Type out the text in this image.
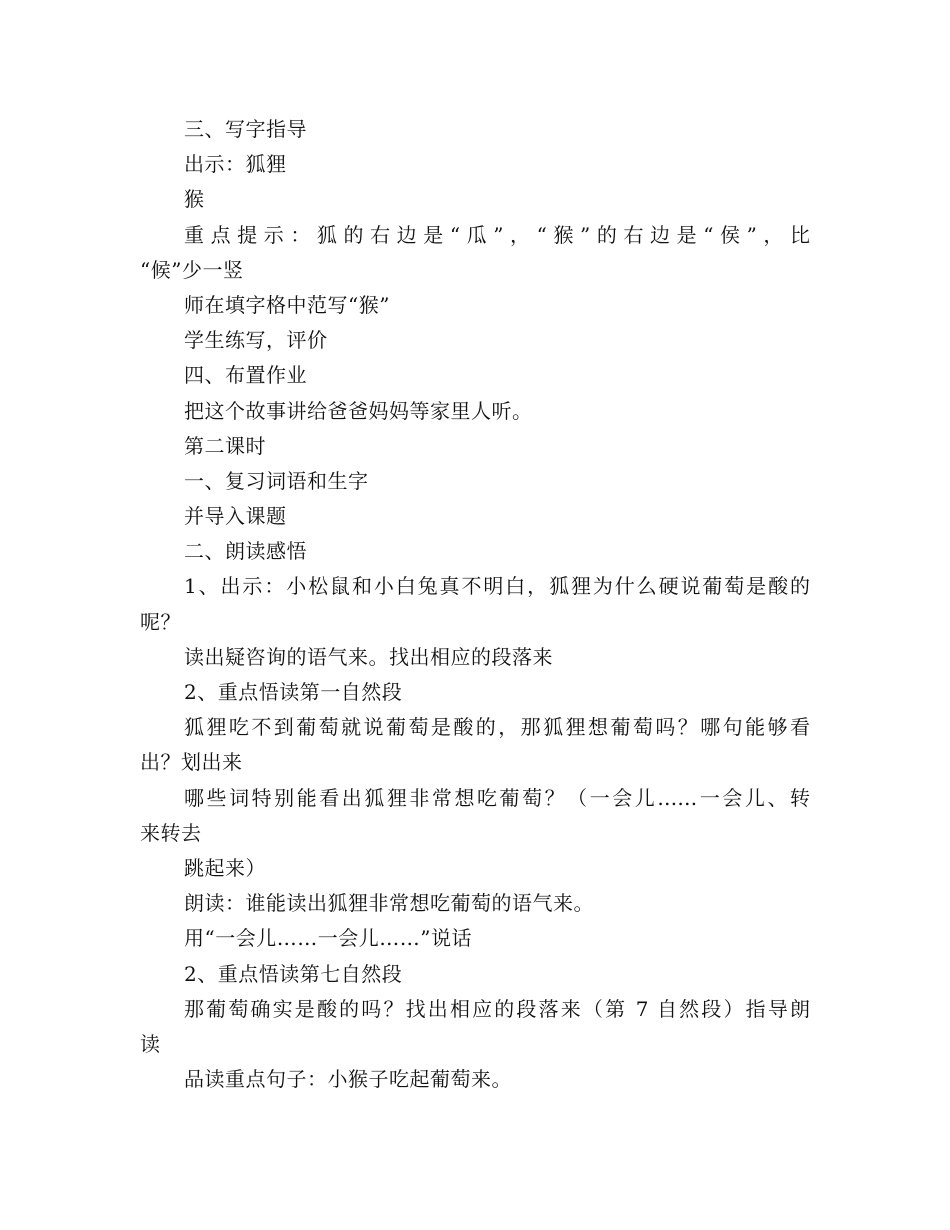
三、写字指导
出示：狐狸
猴
重点提示：狐的右边是“瓜”，“猴”的右边是“侯”，比
“候”少一竖
师在填字格中范写“猴”
学生练写，评价
四、布置作业
把这个故事讲给爸爸妈妈等家里人听。
第二课时
一、复习词语和生字
并导入课题
二、朗读感悟
1、出示：小松鼠和小白兔真不明白，狐狸为什么硬说葡萄是酸的
呢？
读出疑咨询的语气来。找出相应的段落来
2、重点悟读第一自然段
狐狸吃不到葡萄就说葡萄是酸的，那狐狸想葡萄吗？哪句能够看
出？划出来
哪些词特别能看出狐狸非常想吃葡萄？（一会儿……一会儿、转
来转去
跳起来）
朗读：谁能读出狐狸非常想吃葡萄的语气来。
用“一会儿……一会儿……”说话
2、重点悟读第七自然段
那葡萄确实是酸的吗？找出相应的段落来（第 7 自然段）指导朗
读
品读重点句子：小猴子吃起葡萄来。
